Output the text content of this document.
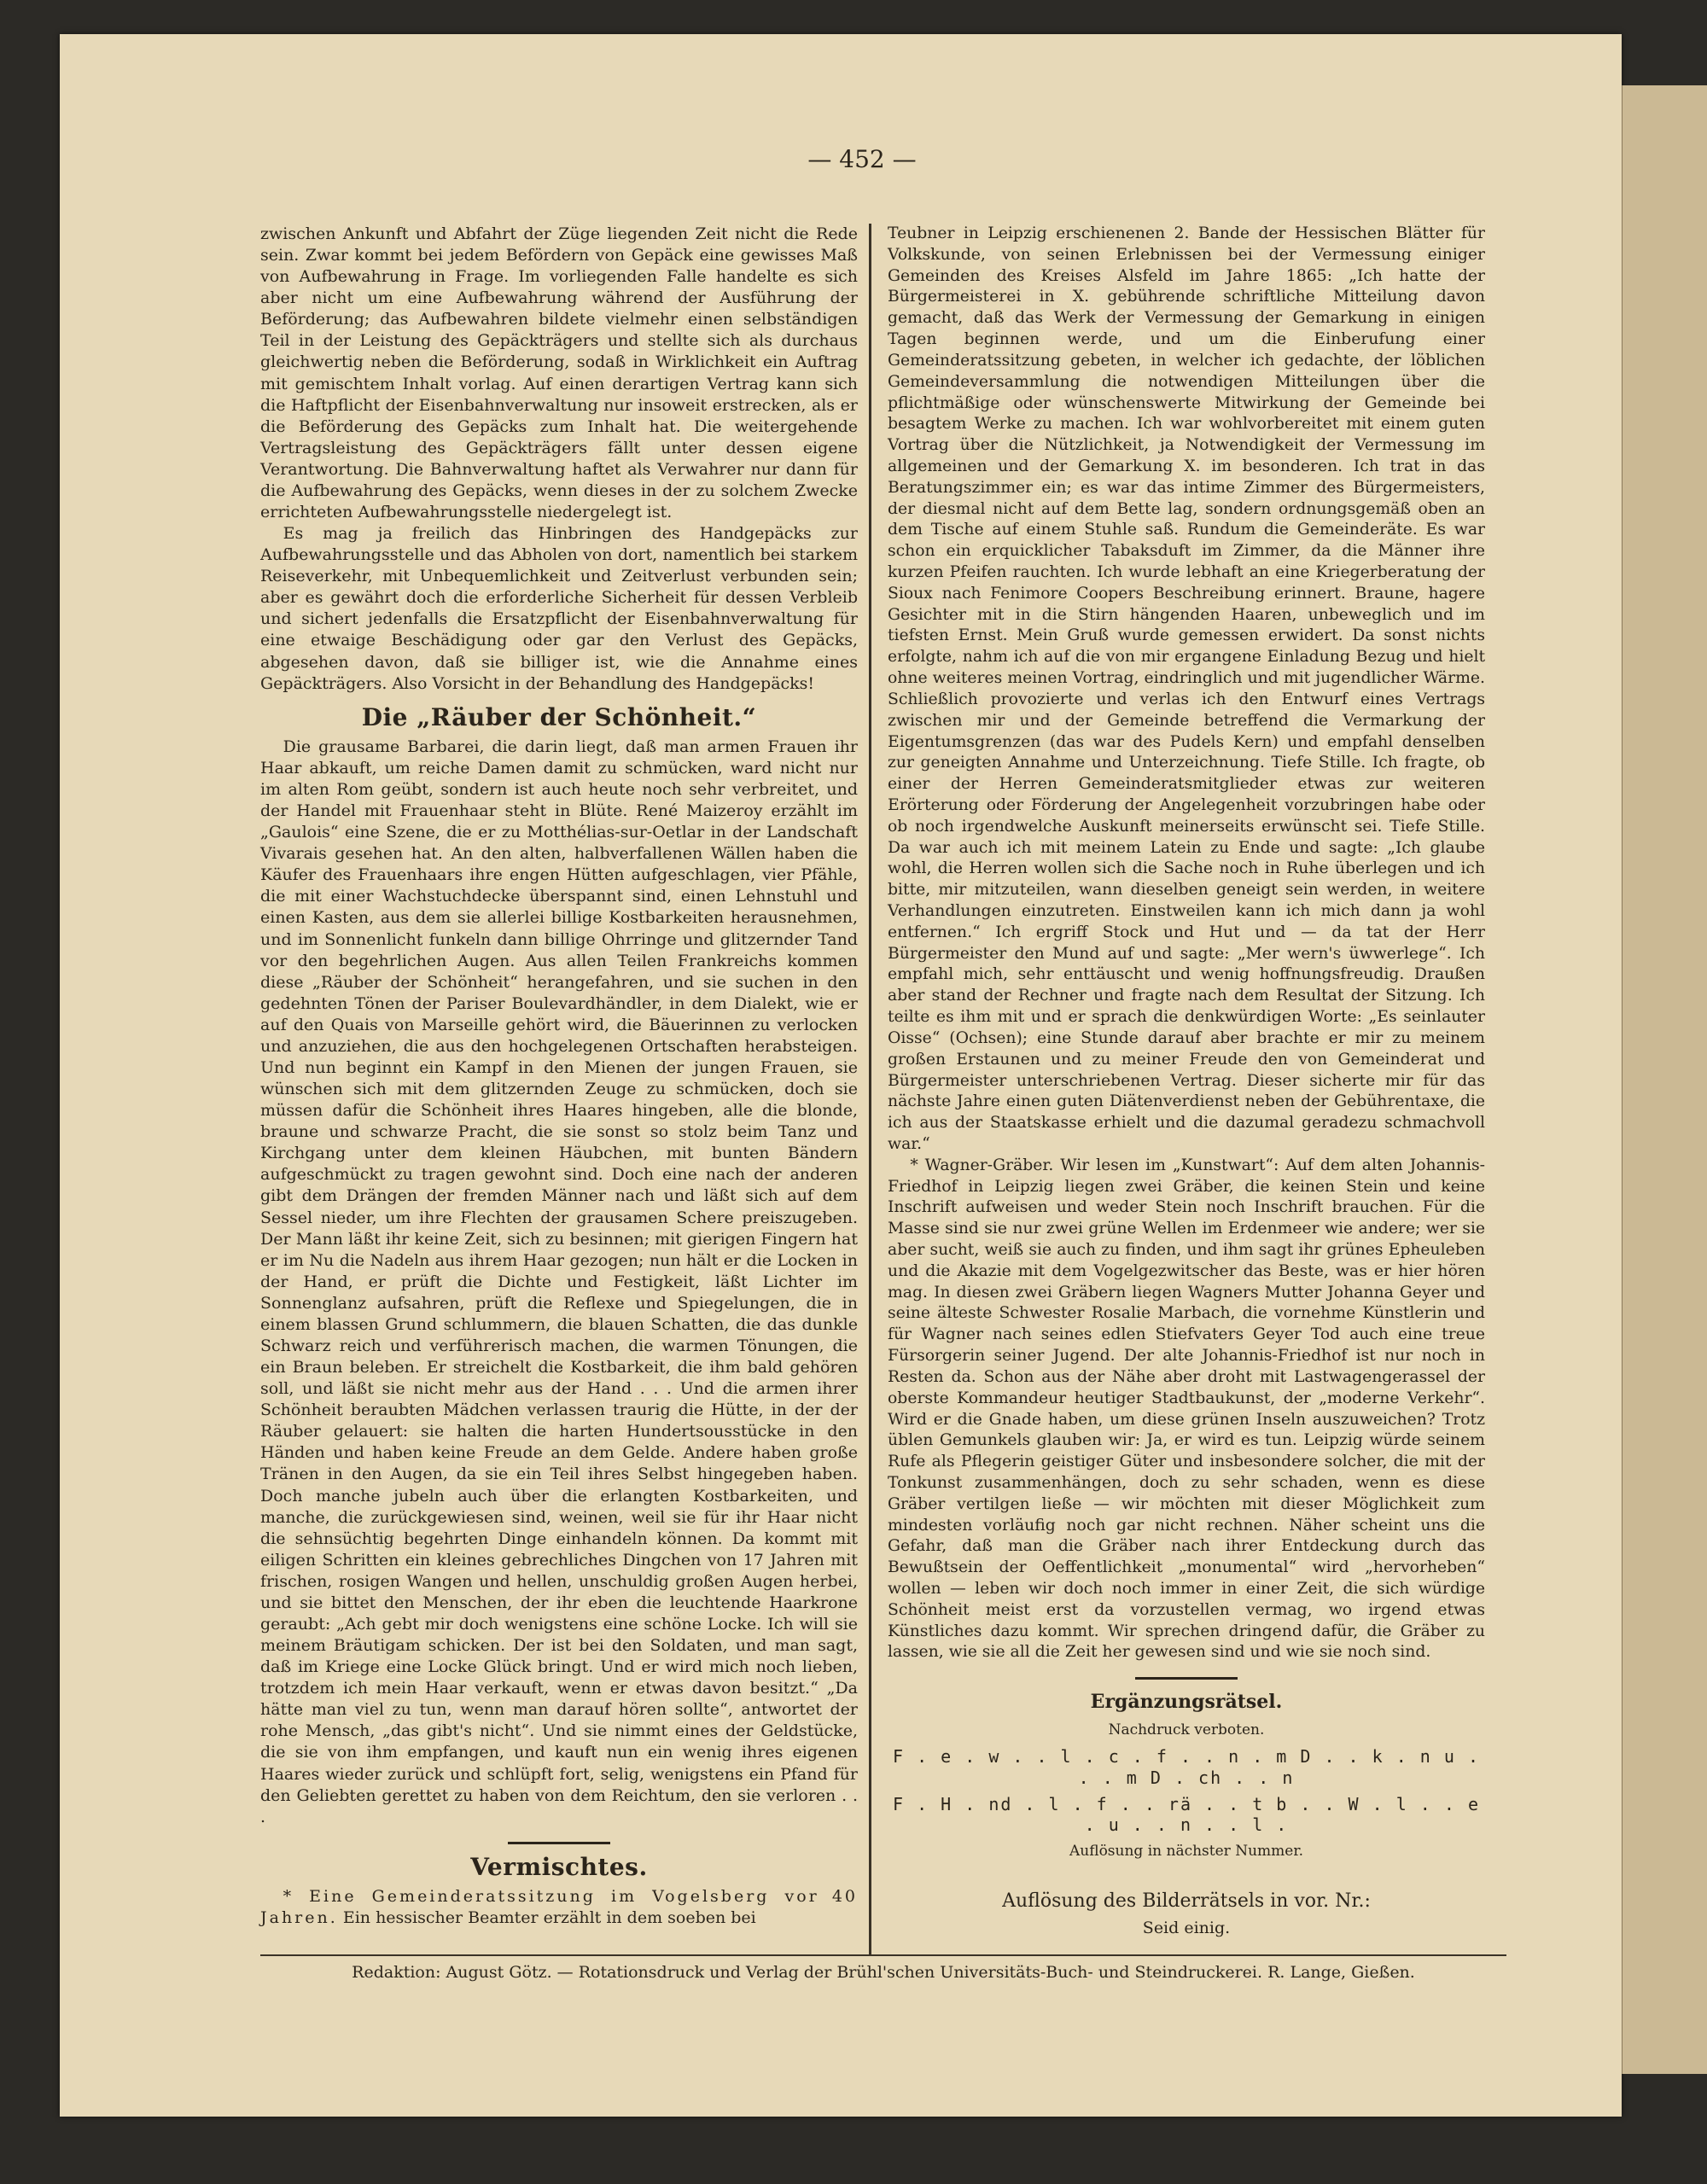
— 452 —

zwischen Ankunft und Abfahrt der Züge liegenden Zeit nicht die Rede sein. Zwar kommt bei jedem Befördern von Gepäck eine gewisses Maß von Aufbewahrung in Frage. Im vorliegenden Falle handelte es sich aber nicht um eine Aufbewahrung während der Ausführung der Beförderung; das Aufbewahren bildete vielmehr einen selbständigen Teil in der Leistung des Gepäckträgers und stellte sich als durchaus gleichwertig neben die Beförderung, sodaß in Wirklichkeit ein Auftrag mit gemischtem Inhalt vorlag. Auf einen derartigen Vertrag kann sich die Haftpflicht der Eisenbahnverwaltung nur insoweit erstrecken, als er die Beförderung des Gepäcks zum Inhalt hat. Die weitergehende Vertragsleistung des Gepäckträgers fällt unter dessen eigene Verantwortung. Die Bahnverwaltung haftet als Verwahrer nur dann für die Aufbewahrung des Gepäcks, wenn dieses in der zu solchem Zwecke errichteten Aufbewahrungsstelle niedergelegt ist.

Es mag ja freilich das Hinbringen des Handgepäcks zur Aufbewahrungsstelle und das Abholen von dort, namentlich bei starkem Reiseverkehr, mit Unbequemlichkeit und Zeitverlust verbunden sein; aber es gewährt doch die erforderliche Sicherheit für dessen Verbleib und sichert jedenfalls die Ersatzpflicht der Eisenbahnverwaltung für eine etwaige Beschädigung oder gar den Verlust des Gepäcks, abgesehen davon, daß sie billiger ist, wie die Annahme eines Gepäckträgers. Also Vorsicht in der Behandlung des Handgepäcks!

Die „Räuber der Schönheit.“

Die grausame Barbarei, die darin liegt, daß man armen Frauen ihr Haar abkauft, um reiche Damen damit zu schmücken, ward nicht nur im alten Rom geübt, sondern ist auch heute noch sehr verbreitet, und der Handel mit Frauenhaar steht in Blüte. René Maizeroy erzählt im „Gaulois“ eine Szene, die er zu Motthélias-sur-Oetlar in der Landschaft Vivarais gesehen hat. An den alten, halbverfallenen Wällen haben die Käufer des Frauenhaars ihre engen Hütten aufgeschlagen, vier Pfähle, die mit einer Wachstuchdecke überspannt sind, einen Lehnstuhl und einen Kasten, aus dem sie allerlei billige Kostbarkeiten herausnehmen, und im Sonnenlicht funkeln dann billige Ohrringe und glitzernder Tand vor den begehrlichen Augen. Aus allen Teilen Frankreichs kommen diese „Räuber der Schönheit“ herangefahren, und sie suchen in den gedehnten Tönen der Pariser Boulevardhändler, in dem Dialekt, wie er auf den Quais von Marseille gehört wird, die Bäuerinnen zu verlocken und anzuziehen, die aus den hochgelegenen Ortschaften herabsteigen. Und nun beginnt ein Kampf in den Mienen der jungen Frauen, sie wünschen sich mit dem glitzernden Zeuge zu schmücken, doch sie müssen dafür die Schönheit ihres Haares hingeben, alle die blonde, braune und schwarze Pracht, die sie sonst so stolz beim Tanz und Kirchgang unter dem kleinen Häubchen, mit bunten Bändern aufgeschmückt zu tragen gewohnt sind. Doch eine nach der anderen gibt dem Drängen der fremden Männer nach und läßt sich auf dem Sessel nieder, um ihre Flechten der grausamen Schere preiszugeben. Der Mann läßt ihr keine Zeit, sich zu besinnen; mit gierigen Fingern hat er im Nu die Nadeln aus ihrem Haar gezogen; nun hält er die Locken in der Hand, er prüft die Dichte und Festigkeit, läßt Lichter im Sonnenglanz aufsahren, prüft die Reflexe und Spiegelungen, die in einem blassen Grund schlummern, die blauen Schatten, die das dunkle Schwarz reich und verführerisch machen, die warmen Tönungen, die ein Braun beleben. Er streichelt die Kostbarkeit, die ihm bald gehören soll, und läßt sie nicht mehr aus der Hand . . . Und die armen ihrer Schönheit beraubten Mädchen verlassen traurig die Hütte, in der der Räuber gelauert: sie halten die harten Hundertsousstücke in den Händen und haben keine Freude an dem Gelde. Andere haben große Tränen in den Augen, da sie ein Teil ihres Selbst hingegeben haben. Doch manche jubeln auch über die erlangten Kostbarkeiten, und manche, die zurückgewiesen sind, weinen, weil sie für ihr Haar nicht die sehnsüchtig begehrten Dinge einhandeln können. Da kommt mit eiligen Schritten ein kleines gebrechliches Dingchen von 17 Jahren mit frischen, rosigen Wangen und hellen, unschuldig großen Augen herbei, und sie bittet den Menschen, der ihr eben die leuchtende Haarkrone geraubt: „Ach gebt mir doch wenigstens eine schöne Locke. Ich will sie meinem Bräutigam schicken. Der ist bei den Soldaten, und man sagt, daß im Kriege eine Locke Glück bringt. Und er wird mich noch lieben, trotzdem ich mein Haar verkauft, wenn er etwas davon besitzt.“ „Da hätte man viel zu tun, wenn man darauf hören sollte“, antwortet der rohe Mensch, „das gibt's nicht“. Und sie nimmt eines der Geldstücke, die sie von ihm empfangen, und kauft nun ein wenig ihres eigenen Haares wieder zurück und schlüpft fort, selig, wenigstens ein Pfand für den Geliebten gerettet zu haben von dem Reichtum, den sie verloren . . .

Vermischtes.

* Eine Gemeinderatssitzung im Vogelsberg vor 40 Jahren. Ein hessischer Beamter erzählt in dem soeben bei

Teubner in Leipzig erschienenen 2. Bande der Hessischen Blätter für Volkskunde, von seinen Erlebnissen bei der Vermessung einiger Gemeinden des Kreises Alsfeld im Jahre 1865: „Ich hatte der Bürgermeisterei in X. gebührende schriftliche Mitteilung davon gemacht, daß das Werk der Vermessung der Gemarkung in einigen Tagen beginnen werde, und um die Einberufung einer Gemeinderatssitzung gebeten, in welcher ich gedachte, der löblichen Gemeindeversammlung die notwendigen Mitteilungen über die pflichtmäßige oder wünschenswerte Mitwirkung der Gemeinde bei besagtem Werke zu machen. Ich war wohlvorbereitet mit einem guten Vortrag über die Nützlichkeit, ja Notwendigkeit der Vermessung im allgemeinen und der Gemarkung X. im besonderen. Ich trat in das Beratungszimmer ein; es war das intime Zimmer des Bürgermeisters, der diesmal nicht auf dem Bette lag, sondern ordnungsgemäß oben an dem Tische auf einem Stuhle saß. Rundum die Gemeinderäte. Es war schon ein erquicklicher Tabaksduft im Zimmer, da die Männer ihre kurzen Pfeifen rauchten. Ich wurde lebhaft an eine Kriegerberatung der Sioux nach Fenimore Coopers Beschreibung erinnert. Braune, hagere Gesichter mit in die Stirn hängenden Haaren, unbeweglich und im tiefsten Ernst. Mein Gruß wurde gemessen erwidert. Da sonst nichts erfolgte, nahm ich auf die von mir ergangene Einladung Bezug und hielt ohne weiteres meinen Vortrag, eindringlich und mit jugendlicher Wärme. Schließlich provozierte und verlas ich den Entwurf eines Vertrags zwischen mir und der Gemeinde betreffend die Vermarkung der Eigentumsgrenzen (das war des Pudels Kern) und empfahl denselben zur geneigten Annahme und Unterzeichnung. Tiefe Stille. Ich fragte, ob einer der Herren Gemeinderatsmitglieder etwas zur weiteren Erörterung oder Förderung der Angelegenheit vorzubringen habe oder ob noch irgendwelche Auskunft meinerseits erwünscht sei. Tiefe Stille. Da war auch ich mit meinem Latein zu Ende und sagte: „Ich glaube wohl, die Herren wollen sich die Sache noch in Ruhe überlegen und ich bitte, mir mitzuteilen, wann dieselben geneigt sein werden, in weitere Verhandlungen einzutreten. Einstweilen kann ich mich dann ja wohl entfernen.“ Ich ergriff Stock und Hut und — da tat der Herr Bürgermeister den Mund auf und sagte: „Mer wern's üwwerlege“. Ich empfahl mich, sehr enttäuscht und wenig hoffnungsfreudig. Draußen aber stand der Rechner und fragte nach dem Resultat der Sitzung. Ich teilte es ihm mit und er sprach die denkwürdigen Worte: „Es seinlauter Oisse“ (Ochsen); eine Stunde darauf aber brachte er mir zu meinem großen Erstaunen und zu meiner Freude den von Gemeinderat und Bürgermeister unterschriebenen Vertrag. Dieser sicherte mir für das nächste Jahre einen guten Diätenverdienst neben der Gebührentaxe, die ich aus der Staatskasse erhielt und die dazumal geradezu schmachvoll war.“

* Wagner-Gräber. Wir lesen im „Kunstwart“: Auf dem alten Johannis-Friedhof in Leipzig liegen zwei Gräber, die keinen Stein und keine Inschrift aufweisen und weder Stein noch Inschrift brauchen. Für die Masse sind sie nur zwei grüne Wellen im Erdenmeer wie andere; wer sie aber sucht, weiß sie auch zu finden, und ihm sagt ihr grünes Epheuleben und die Akazie mit dem Vogelgezwitscher das Beste, was er hier hören mag. In diesen zwei Gräbern liegen Wagners Mutter Johanna Geyer und seine älteste Schwester Rosalie Marbach, die vornehme Künstlerin und für Wagner nach seines edlen Stiefvaters Geyer Tod auch eine treue Fürsorgerin seiner Jugend. Der alte Johannis-Friedhof ist nur noch in Resten da. Schon aus der Nähe aber droht mit Lastwagengerassel der oberste Kommandeur heutiger Stadtbaukunst, der „moderne Verkehr“. Wird er die Gnade haben, um diese grünen Inseln auszuweichen? Trotz üblen Gemunkels glauben wir: Ja, er wird es tun. Leipzig würde seinem Rufe als Pflegerin geistiger Güter und insbesondere solcher, die mit der Tonkunst zusammenhängen, doch zu sehr schaden, wenn es diese Gräber vertilgen ließe — wir möchten mit dieser Möglichkeit zum mindesten vorläufig noch gar nicht rechnen. Näher scheint uns die Gefahr, daß man die Gräber nach ihrer Entdeckung durch das Bewußtsein der Oeffentlichkeit „monumental“ wird „hervorheben“ wollen — leben wir doch noch immer in einer Zeit, die sich würdige Schönheit meist erst da vorzustellen vermag, wo irgend etwas Künstliches dazu kommt. Wir sprechen dringend dafür, die Gräber zu lassen, wie sie all die Zeit her gewesen sind und wie sie noch sind.

Ergänzungsrätsel.
Nachdruck verboten.
F . e . w . . l . c . f . . n . m D . . k . n u . . . m D . ch . . n
F . H . nd . l . f . . rä . . t b . . W . l . . e . u . . n . . l .
Auflösung in nächster Nummer.
Auflösung des Bilderrätsels in vor. Nr.:
Seid einig.
Redaktion: August Götz. — Rotationsdruck und Verlag der Brühl'schen Universitäts-Buch- und Steindruckerei. R. Lange, Gießen.
